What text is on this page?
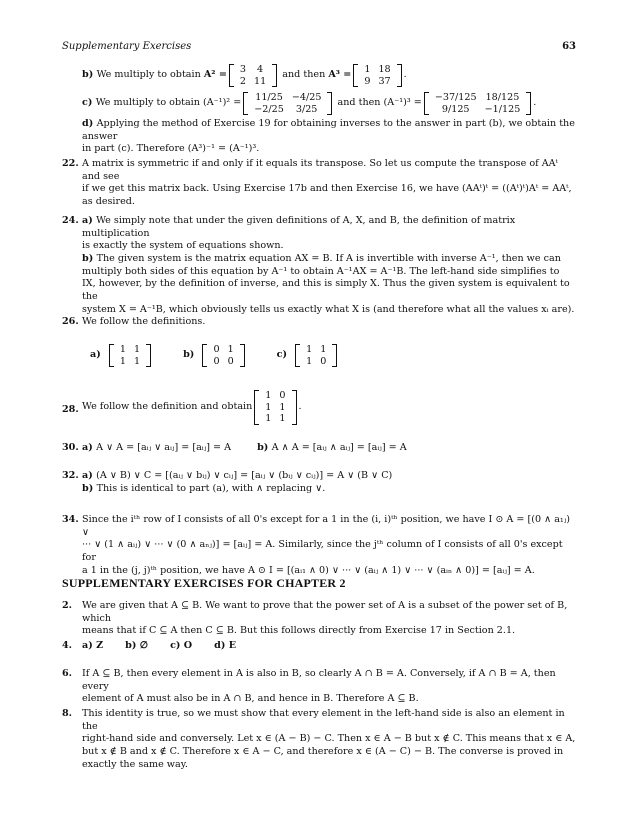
Supplementary Exercises	63
b) We multiply to obtain
A² = 3	4
2	11

and then
A³ = 1	18
9	37
.
c) We multiply to obtain
(A⁻¹)² = 11/25	−4/25
−2/25	3/25

and then
(A⁻¹)³ = −37/125	18/125
9/125	−1/125
.

d) Applying the method of Exercise 19 for obtaining inverses to the answer in part (b), we obtain the answer

in part (c). Therefore (A³)⁻¹ = (A⁻¹)³.

22. A matrix is symmetric if and only if it equals its transpose. So let us compute the transpose of AAᵗ and see

if we get this matrix back. Using Exercise 17b and then Exercise 16, we have (AAᵗ)ᵗ = ((Aᵗ)ᵗ)Aᵗ = AAᵗ,

as desired.

24. a) We simply note that under the given definitions of A, X, and B, the definition of matrix multiplication

is exactly the system of equations shown.

b) The given system is the matrix equation AX = B. If A is invertible with inverse A⁻¹, then we can

multiply both sides of this equation by A⁻¹ to obtain A⁻¹AX = A⁻¹B. The left-hand side simplifies to

IX, however, by the definition of inverse, and this is simply X. Thus the given system is equivalent to the

system X = A⁻¹B, which obviously tells us exactly what X is (and therefore what all the values xᵢ are).

26. We follow the definitions.
a)
1	1
1	1
b)
0	1
0	0
c)
1	1
1	0
28. We follow the definition and obtain
1	0
1	1
1	1
.
30. a) A ∨ A = [aᵢⱼ ∨ aᵢⱼ] = [aᵢⱼ] = A	b) A ∧ A = [aᵢⱼ ∧ aᵢⱼ] = [aᵢⱼ] = A
32. a) (A ∨ B) ∨ C = [(aᵢⱼ ∨ bᵢⱼ) ∨ cᵢⱼ] = [aᵢⱼ ∨ (bᵢⱼ ∨ cᵢⱼ)] = A ∨ (B ∨ C)

b) This is identical to part (a), with ∧ replacing ∨.

34. Since the iᵗʰ row of I consists of all 0's except for a 1 in the (i, i)ᵗʰ position, we have I ⊙ A = [(0 ∧ a₁ⱼ) ∨

··· ∨ (1 ∧ aᵢⱼ) ∨ ··· ∨ (0 ∧ aₙⱼ)] = [aᵢⱼ] = A. Similarly, since the jᵗʰ column of I consists of all 0's except for

a 1 in the (j, j)ᵗʰ position, we have A ⊙ I = [(aᵢ₁ ∧ 0) ∨ ··· ∨ (aᵢⱼ ∧ 1) ∨ ··· ∨ (aᵢₙ ∧ 0)] = [aᵢⱼ] = A.

SUPPLEMENTARY EXERCISES FOR CHAPTER 2
2. We are given that A ⊆ B. We want to prove that the power set of A is a subset of the power set of B, which

means that if C ⊆ A then C ⊆ B. But this follows directly from Exercise 17 in Section 2.1.

4. a) Z b) ∅ c) O d) E
6. If A ⊆ B, then every element in A is also in B, so clearly A ∩ B = A. Conversely, if A ∩ B = A, then every

element of A must also be in A ∩ B, and hence in B. Therefore A ⊆ B.

8. This identity is true, so we must show that every element in the left-hand side is also an element in the

right-hand side and conversely. Let x ∈ (A − B) − C. Then x ∈ A − B but x ∉ C. This means that x ∈ A,

but x ∉ B and x ∉ C. Therefore x ∈ A − C, and therefore x ∈ (A − C) − B. The converse is proved in

exactly the same way.
